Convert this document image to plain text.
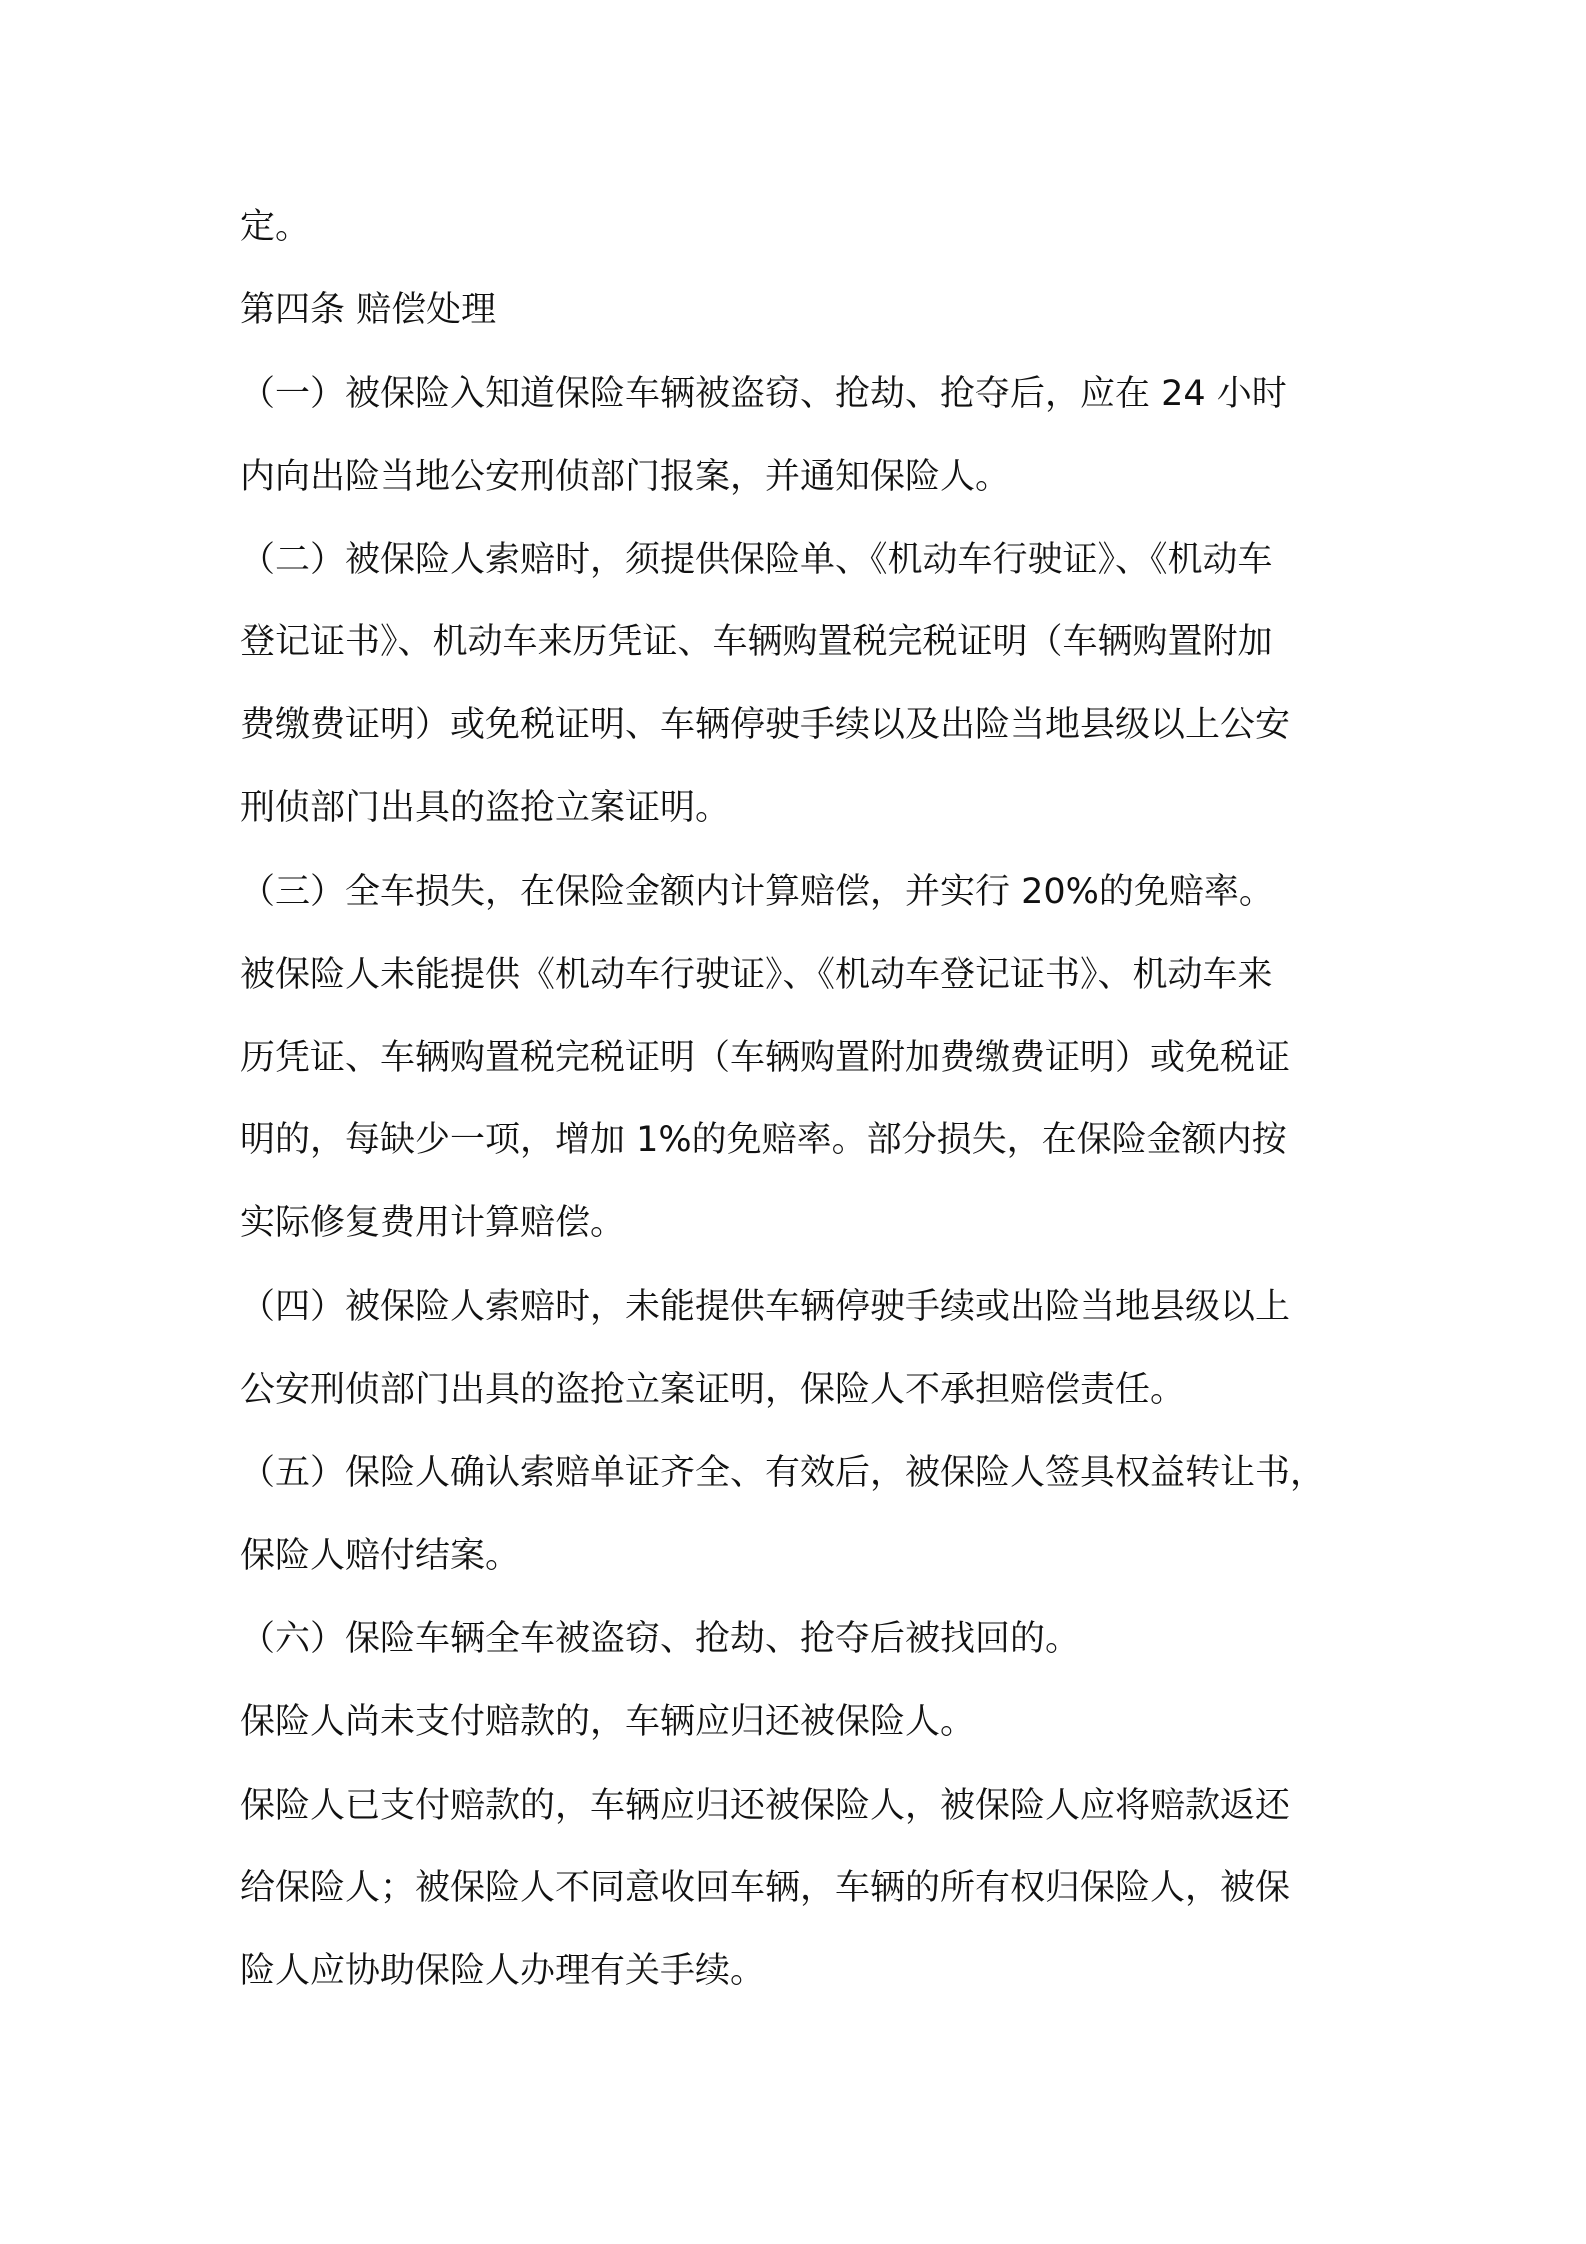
定。

第四条 赔偿处理

（一）被保险入知道保险车辆被盗窃、抢劫、抢夺后，应在 24 小时

内向出险当地公安刑侦部门报案，并通知保险人。

（二）被保险人索赔时，须提供保险单、《机动车行驶证》、《机动车

登记证书》、机动车来历凭证、车辆购置税完税证明（车辆购置附加

费缴费证明）或免税证明、车辆停驶手续以及出险当地县级以上公安

刑侦部门出具的盗抢立案证明。

（三）全车损失，在保险金额内计算赔偿，并实行 20%的免赔率。

被保险人未能提供《机动车行驶证》、《机动车登记证书》、机动车来

历凭证、车辆购置税完税证明（车辆购置附加费缴费证明）或免税证

明的，每缺少一项，增加 1%的免赔率。部分损失，在保险金额内按

实际修复费用计算赔偿。

（四）被保险人索赔时，未能提供车辆停驶手续或出险当地县级以上

公安刑侦部门出具的盗抢立案证明，保险人不承担赔偿责任。

（五）保险人确认索赔单证齐全、有效后，被保险人签具权益转让书，

保险人赔付结案。

（六）保险车辆全车被盗窃、抢劫、抢夺后被找回的。

保险人尚未支付赔款的，车辆应归还被保险人。

保险人已支付赔款的，车辆应归还被保险人，被保险人应将赔款返还

给保险人；被保险人不同意收回车辆，车辆的所有权归保险人，被保

险人应协助保险人办理有关手续。
